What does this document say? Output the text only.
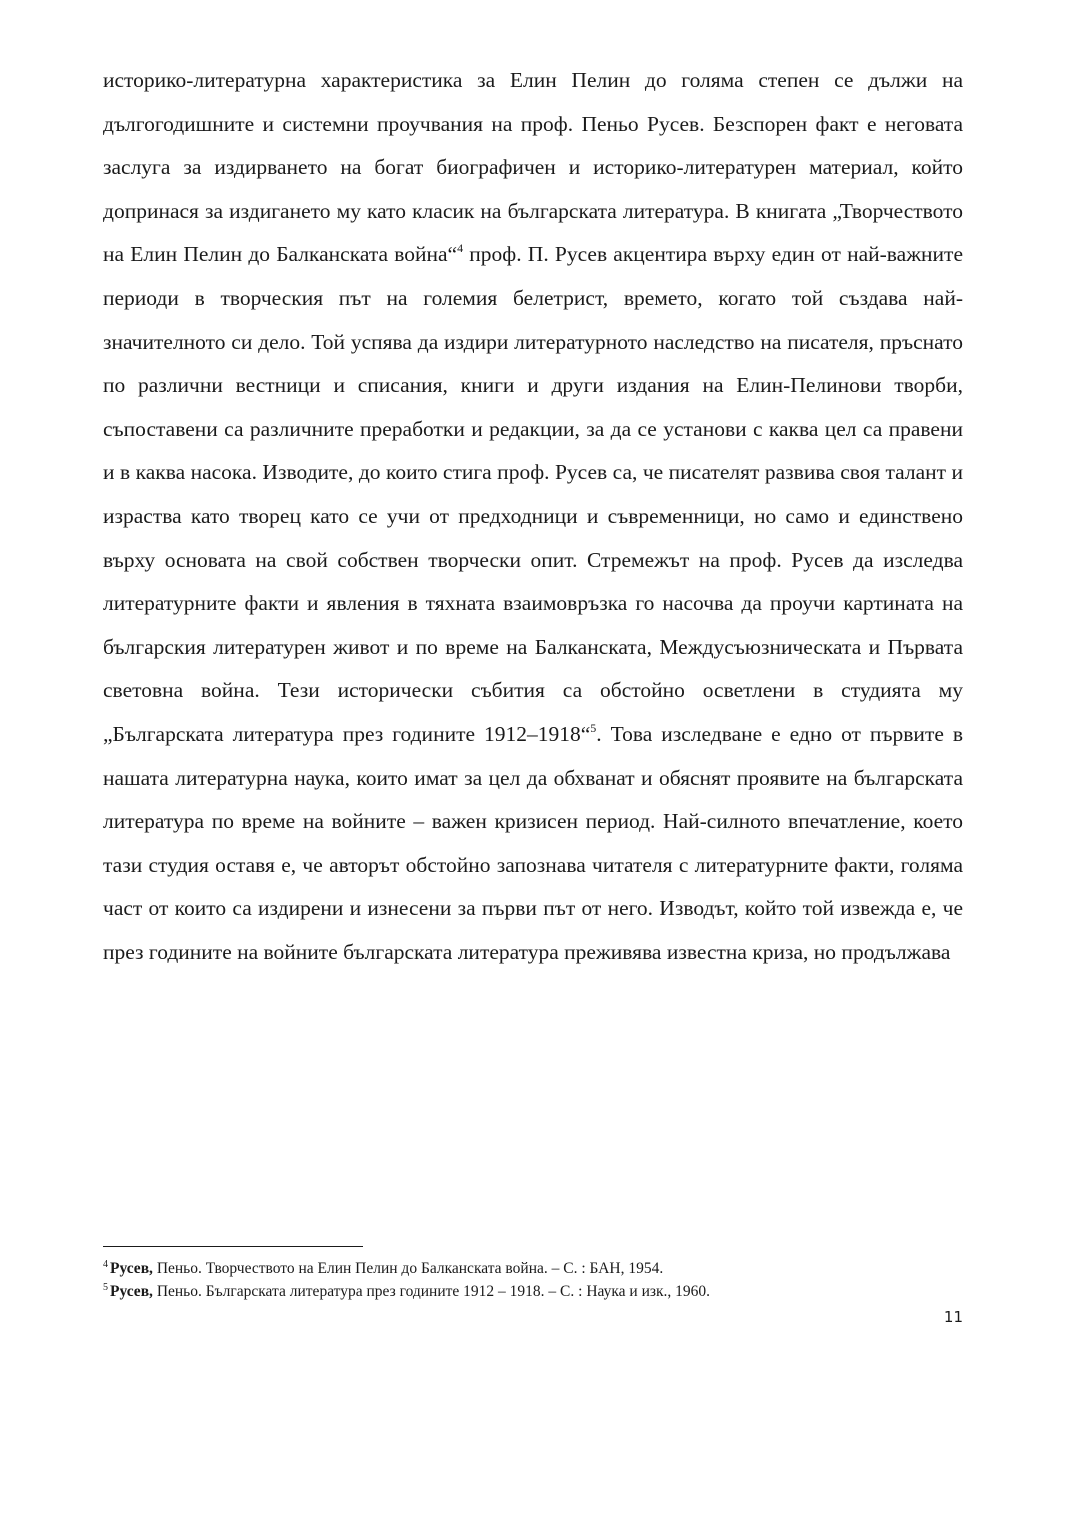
историко-литературна характеристика за Елин Пелин до голяма степен се дължи на дългогодишните и системни проучвания на проф. Пеньо Русев. Безспорен факт е неговата заслуга за издирването на богат биографичен и историко-литературен материал, който допринася за издигането му като класик на българската литература. В книгата „Творчеството на Елин Пелин до Балканската война“$^4$ проф. П. Русев акцентира върху един от най-важните периоди в творческия път на големия белетрист, времето, когато той създава най-значителното си дело. Той успява да издири литературното наследство на писателя, пръснато по различни вестници и списания, книги и други издания на Елин-Пелинови творби, съпоставени са различните преработки и редакции, за да се установи с каква цел са правени и в каква насока. Изводите, до които стига проф. Русев са, че писателят развива своя талант и израства като творец като се учи от предходници и съвременници, но само и единствено върху основата на свой собствен творчески опит. Стремежът на проф. Русев да изследва литературните факти и явления в тяхната взаимовръзка го насочва да проучи картината на българския литературен живот и по време на Балканската, Междусъюзническата и Първата световна война. Тези исторически събития са обстойно осветлени в студията му „Българската литература през годините 1912–1918“$^5$. Това изследване е едно от първите в нашата литературна наука, които имат за цел да обхванат и обяснят проявите на българската литература по време на войните – важен кризисен период. Най-силното впечатление, което тази студия оставя е, че авторът обстойно запознава читателя с литературните факти, голяма част от които са издирени и изнесени за първи път от него. Изводът, който той извежда е, че през годините на войните българската литература преживява известна криза, но продължава

$^4$ Русев, Пеньо. Творчеството на Елин Пелин до Балканската война. – С. : БАН, 1954.

$^5$ Русев, Пеньо. Българската литература през годините 1912 – 1918. – С. : Наука и изк., 1960.

11
